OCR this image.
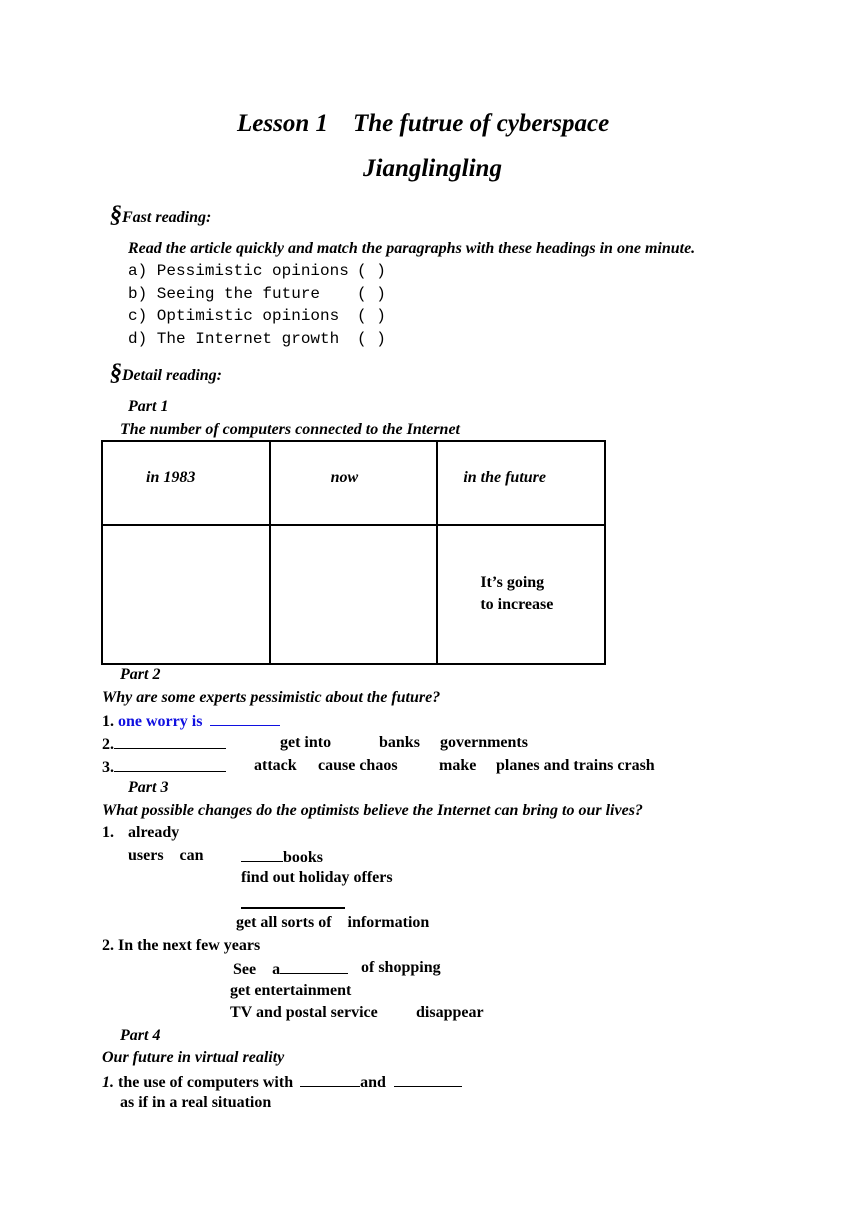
Lesson 1    The futrue of cyberspace
Jianglingling
§Fast reading:
Read the article quickly and match the paragraphs with these headings in one minute.
a) Pessimistic opinions ( )
b) Seeing the future ( )
c) Optimistic opinions ( )
d) The Internet growth ( )
§Detail reading:
Part 1
The number of computers connected to the Internet
in 1983	now	in the future

		It’s going
to increase
Part 2
Why are some experts pessimistic about the future?
1. one worry is
2.	get into	banks governments
3.	attack cause chaos	make planes and trains crash
Part 3
What possible changes do the optimists believe the Internet can bring to our lives?
1. already
users    can	books
find out holiday offers
get all sorts of    information
2. In the next few years
See    a	of shopping
get entertainment
TV and postal service disappear
Part 4
Our future in virtual reality
1. the use of computers with	and
as if in a real situation
